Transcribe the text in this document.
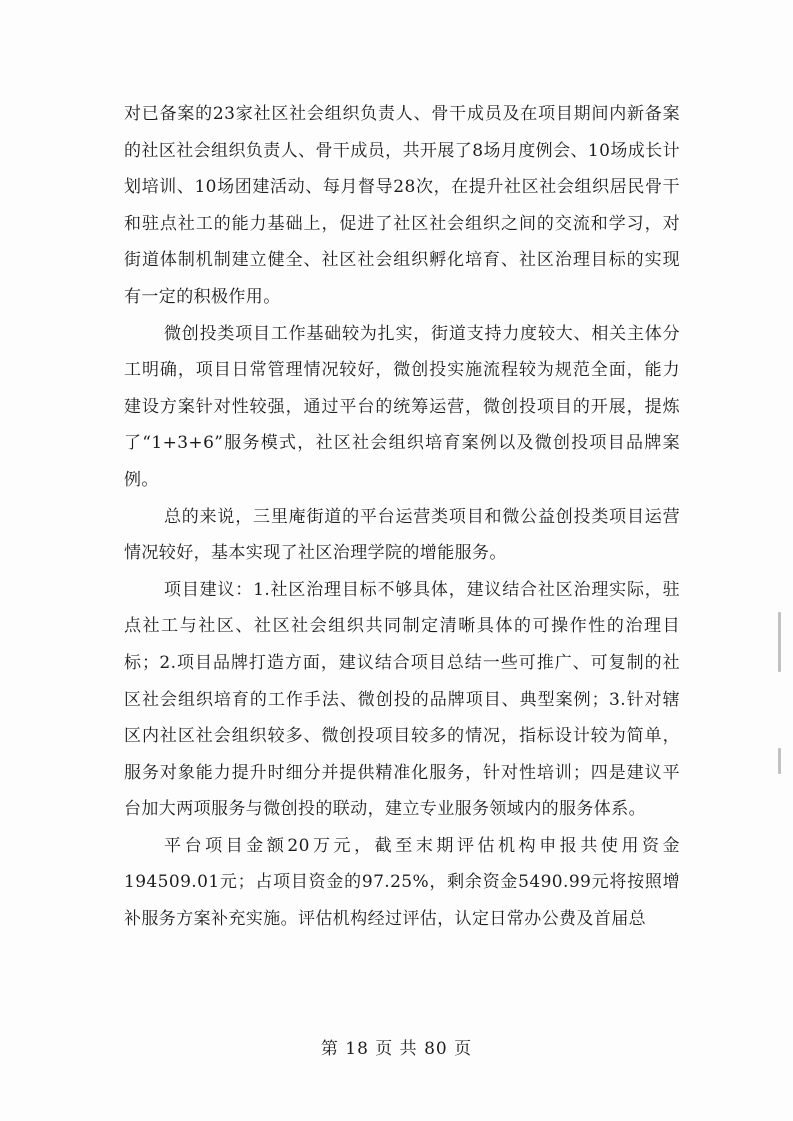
对已备案的23家社区社会组织负责人、骨干成员及在项目期间内新备案的社区社会组织负责人、骨干成员，共开展了8场月度例会、10场成长计划培训、10场团建活动、每月督导28次，在提升社区社会组织居民骨干和驻点社工的能力基础上，促进了社区社会组织之间的交流和学习，对街道体制机制建立健全、社区社会组织孵化培育、社区治理目标的实现有一定的积极作用。

微创投类项目工作基础较为扎实，街道支持力度较大、相关主体分工明确，项目日常管理情况较好，微创投实施流程较为规范全面，能力建设方案针对性较强，通过平台的统筹运营，微创投项目的开展，提炼了“1+3+6”服务模式，社区社会组织培育案例以及微创投项目品牌案例。

总的来说，三里庵街道的平台运营类项目和微公益创投类项目运营情况较好，基本实现了社区治理学院的增能服务。

项目建议：1.社区治理目标不够具体，建议结合社区治理实际，驻点社工与社区、社区社会组织共同制定清晰具体的可操作性的治理目标；2.项目品牌打造方面，建议结合项目总结一些可推广、可复制的社区社会组织培育的工作手法、微创投的品牌项目、典型案例；3.针对辖区内社区社会组织较多、微创投项目较多的情况，指标设计较为简单，服务对象能力提升时细分并提供精准化服务，针对性培训；四是建议平台加大两项服务与微创投的联动，建立专业服务领域内的服务体系。

平台项目金额20万元，截至末期评估机构申报共使用资金194509.01元；占项目资金的97.25%，剩余资金5490.99元将按照增补服务方案补充实施。评估机构经过评估，认定日常办公费及首届总

第 18 页 共 80 页
